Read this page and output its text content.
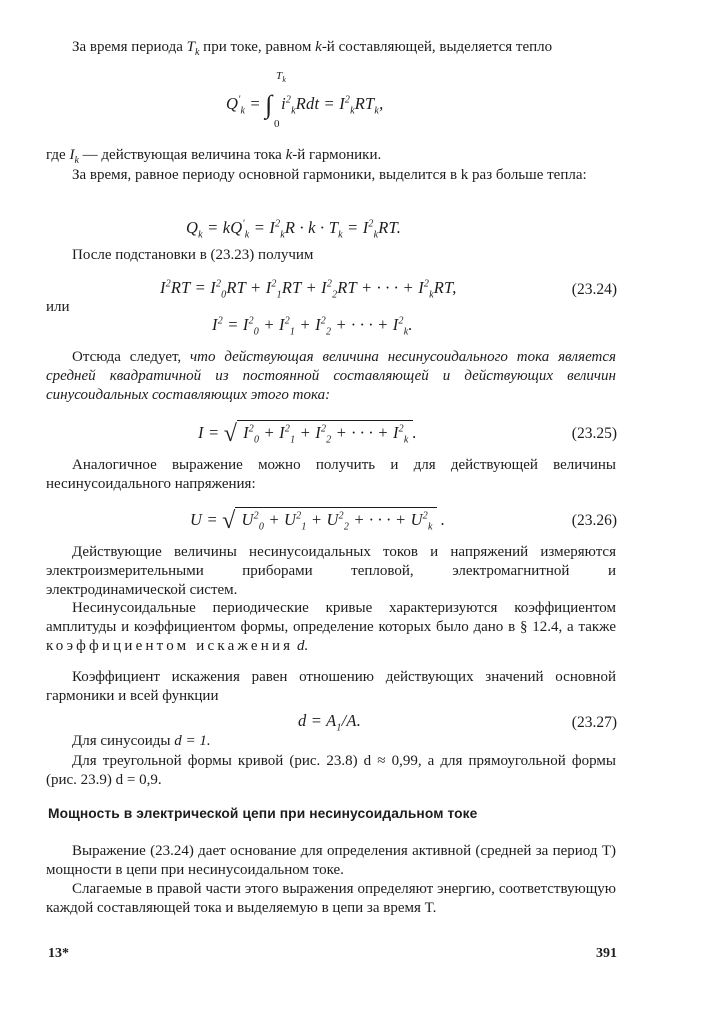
За время периода $T_k$ при токе, равном k-й составляющей, выделяется тепло

$Q'_k$ = ∫
$T_k$
0
$i^2_kRdt = I^2_kRT_k$,

где $I_k$ — действующая величина тока k-й гармоники.

За время, равное периоду основной гармоники, выделится в k раз больше тепла:

$Q_k = kQ'_k = I^2_kR \cdot k \cdot T_k = I^2_kRT$.

После подстановки в (23.23) получим

$I^2RT = I^2_0RT + I^2_1RT + I^2_2RT$ + · · · + $I^2_kRT$,	(23.24)

или

$I^2 = I^2_0 + I^2_1 + I^2_2$ + · · · + $I^2_k$.

Отсюда следует, что действующая величина несинусоидального тока является средней квадратичной из постоянной составляющей и действующих величин синусоидальных составляющих этого тока:

I = √ $I^2_0 + I^2_1 + I^2_2$ + · · · + $I^2_k$ .	(23.25)

Аналогичное выражение можно получить и для действующей величины несинусоидального напряжения:

U = √ $U^2_0 + U^2_1 + U^2_2$ + · · · + $U^2_k$ .	(23.26)

Действующие величины несинусоидальных токов и напряжений измеряются электроизмерительными приборами тепловой, электромагнитной и электродинамической систем.

Несинусоидальные периодические кривые характеризуются коэффициентом амплитуды и коэффициентом формы, определение которых было дано в § 12.4, а также коэффициентом искажения d.

Коэффициент искажения равен отношению действующих значений основной гармоники и всей функции

$d = A_1/A$.	(23.27)

Для синусоиды d = 1.

Для треугольной формы кривой (рис. 23.8) d ≈ 0,99, а для прямоугольной формы (рис. 23.9) d = 0,9.

Мощность в электрической цепи при несинусоидальном токе

Выражение (23.24) дает основание для определения активной (средней за период T) мощности в цепи при несинусоидальном токе.

Слагаемые в правой части этого выражения определяют энергию, соответствующую каждой составляющей тока и выделяемую в цепи за время T.

13*	391
